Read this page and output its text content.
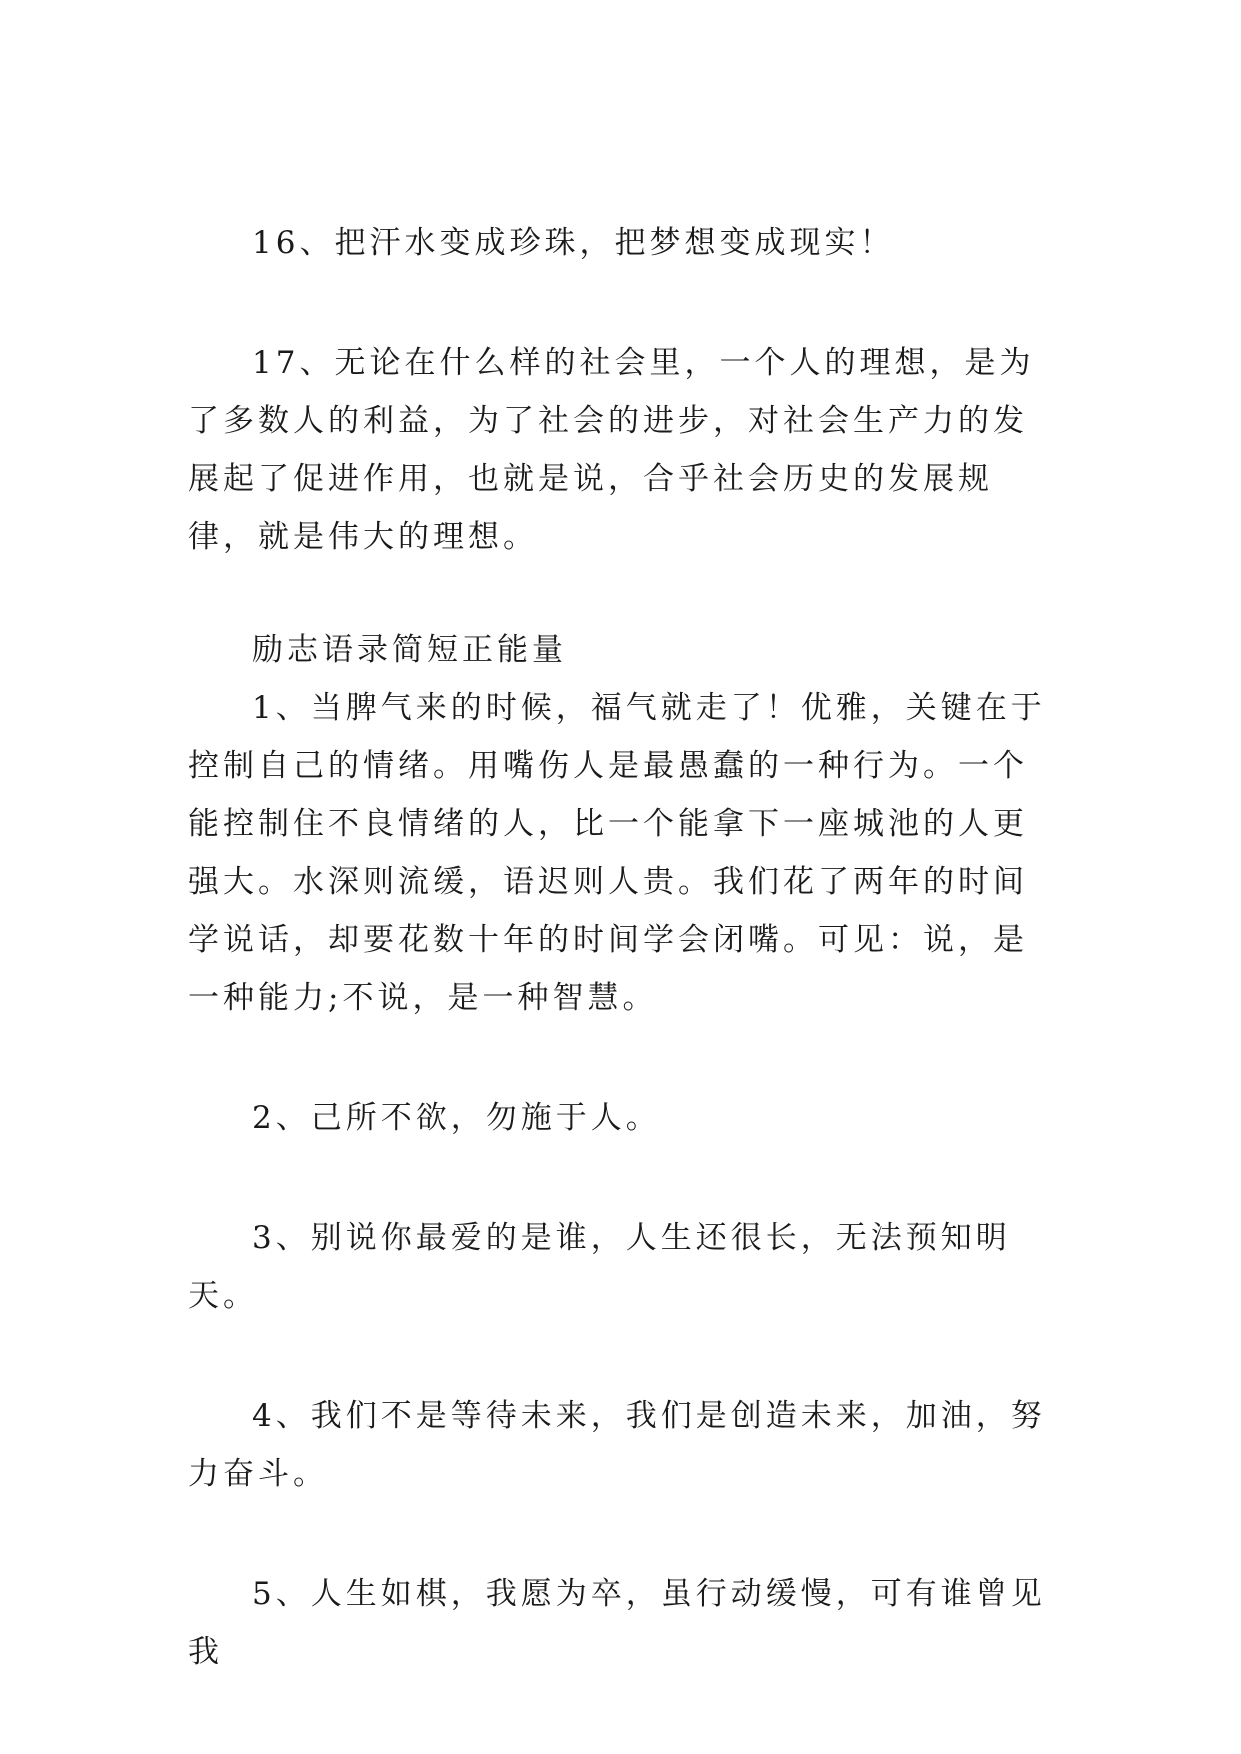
16、把汗水变成珍珠，把梦想变成现实！

17、无论在什么样的社会里，一个人的理想，是为了多数人的利益，为了社会的进步，对社会生产力的发展起了促进作用，也就是说，合乎社会历史的发展规律，就是伟大的理想。

励志语录简短正能量

1、当脾气来的时候，福气就走了！优雅，关键在于控制自己的情绪。用嘴伤人是最愚蠢的一种行为。一个能控制住不良情绪的人，比一个能拿下一座城池的人更强大。水深则流缓，语迟则人贵。我们花了两年的时间学说话，却要花数十年的时间学会闭嘴。可见：说，是一种能力;不说，是一种智慧。

2、己所不欲，勿施于人。

3、别说你最爱的是谁，人生还很长，无法预知明天。

4、我们不是等待未来，我们是创造未来，加油，努力奋斗。

5、人生如棋，我愿为卒，虽行动缓慢，可有谁曾见我
